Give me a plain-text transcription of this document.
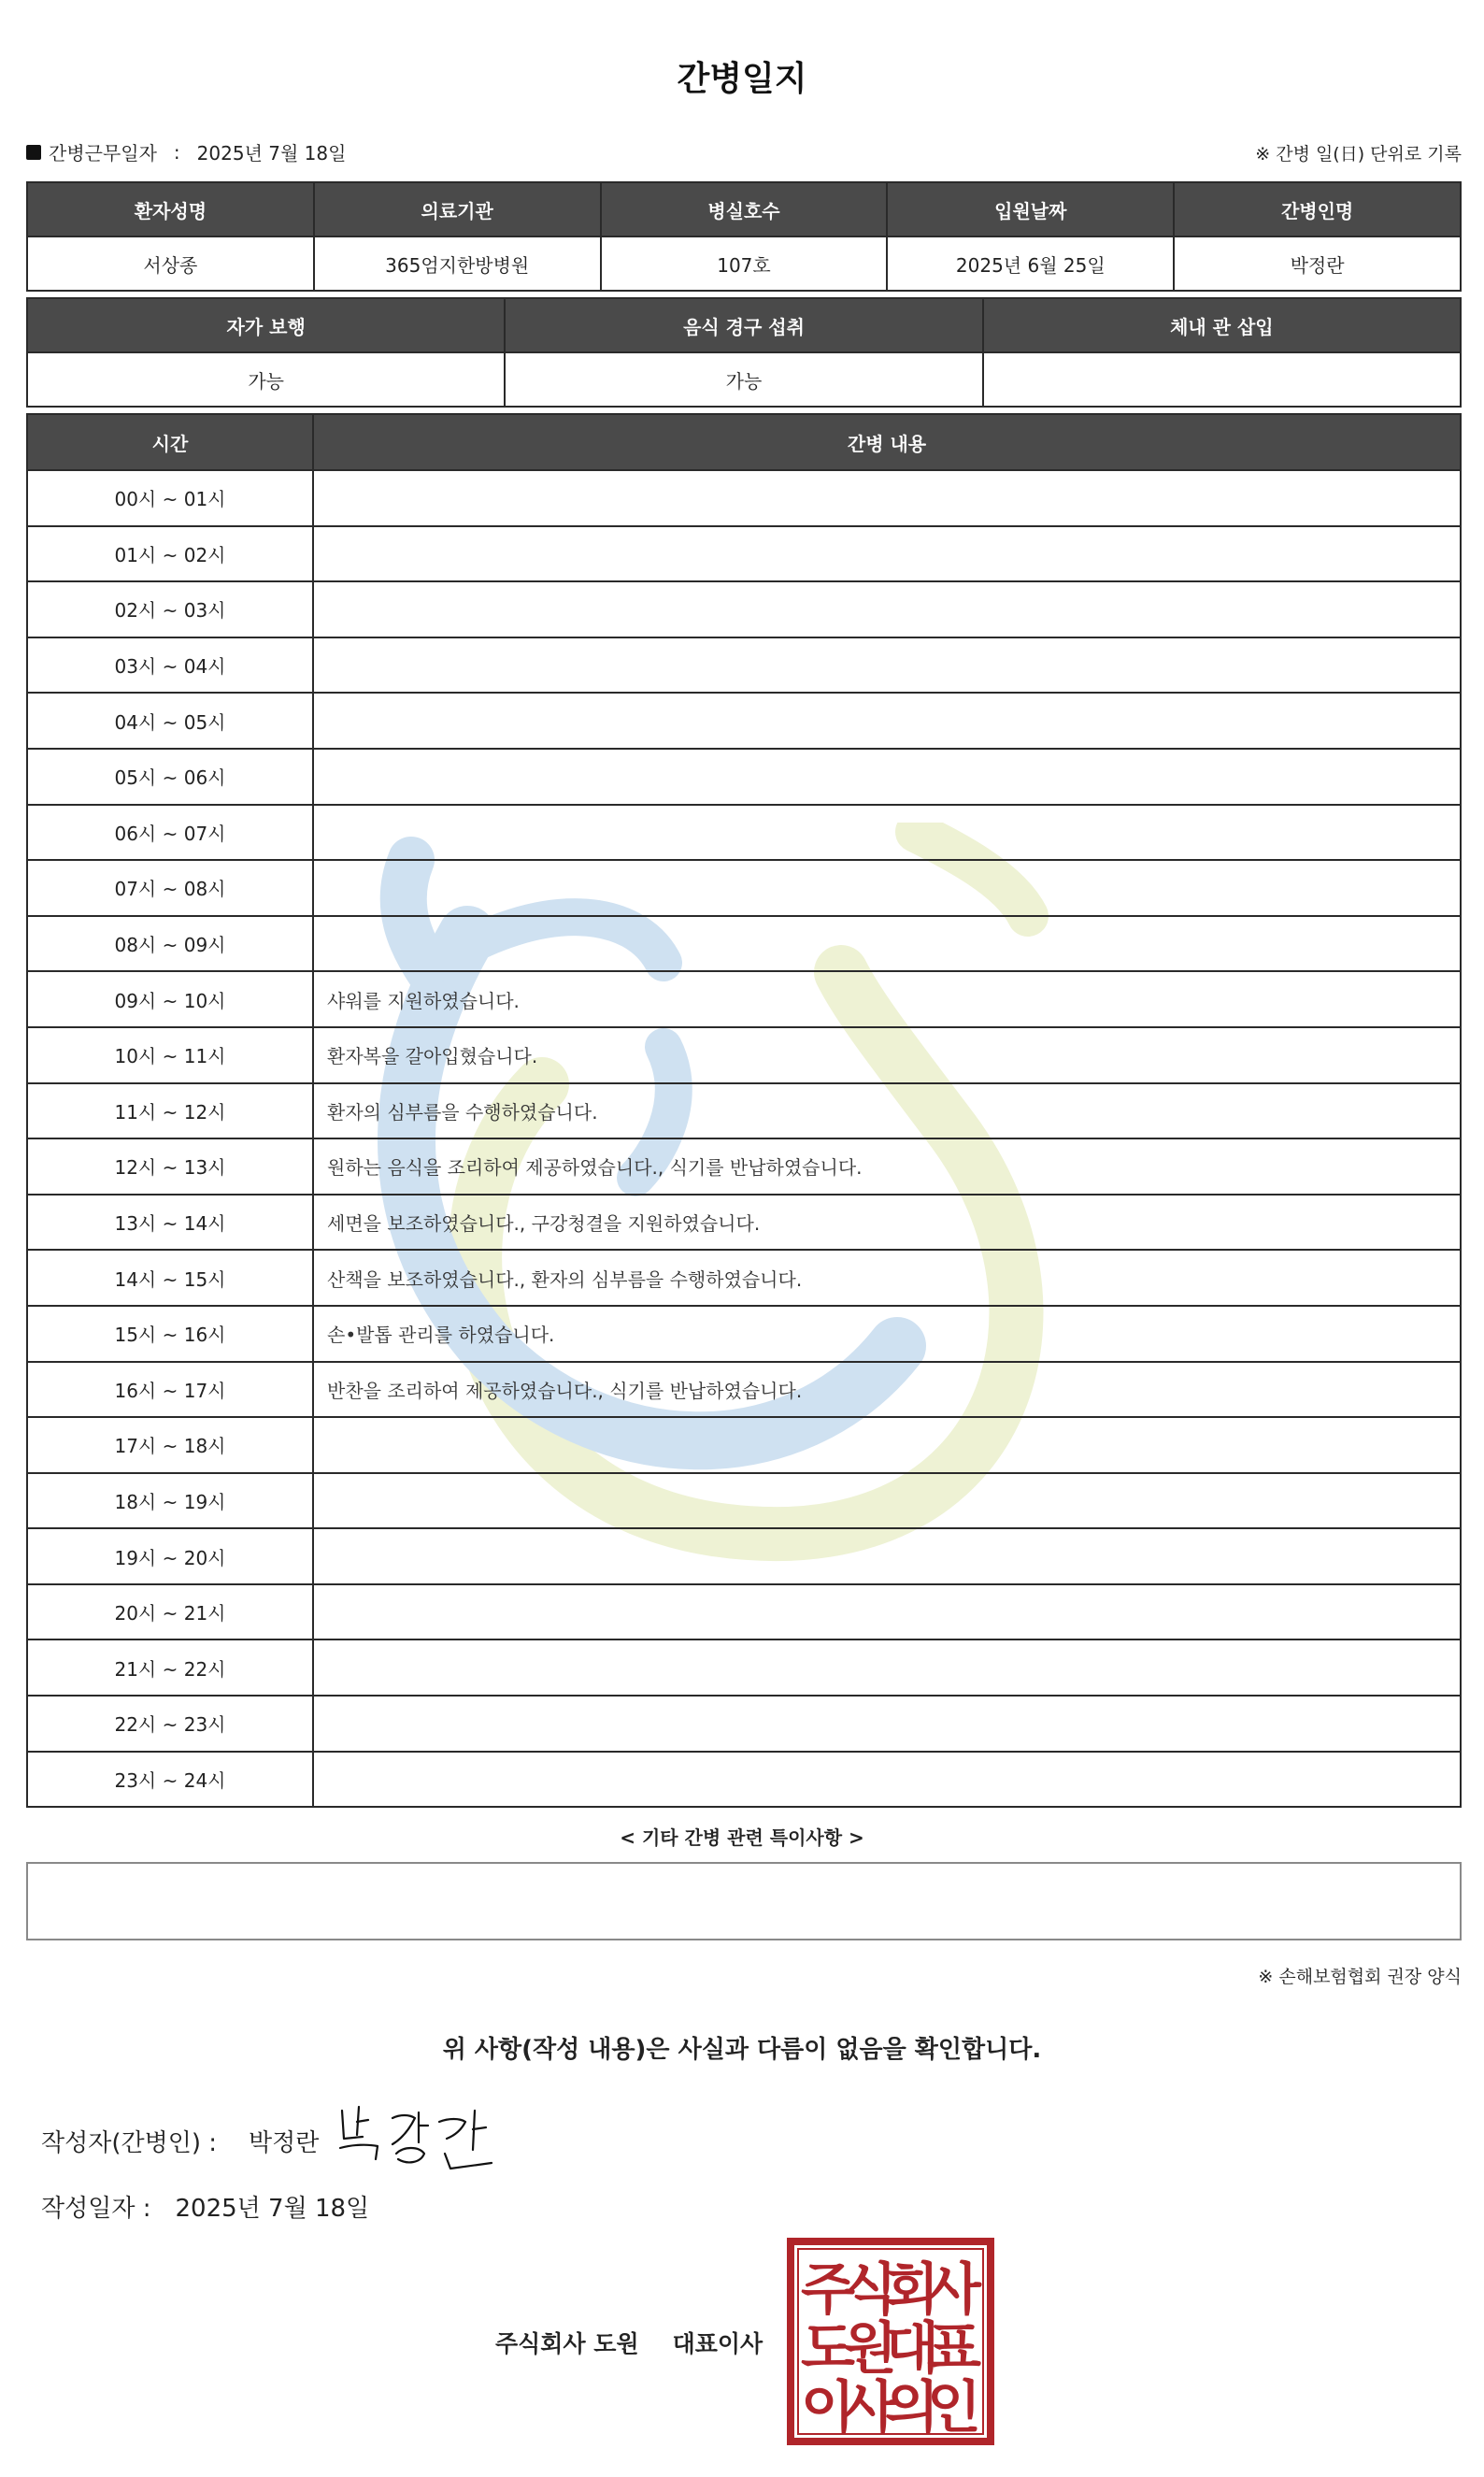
간병일지
간병근무일자 : 2025년 7월 18일	※ 간병 일(日) 단위로 기록
환자성명	의료기관	병실호수	입원날짜	간병인명
서상종	365엄지한방병원	107호	2025년 6월 25일	박정란
자가 보행	음식 경구 섭취	체내 관 삽입
가능	가능	
시간	간병 내용
00시 ~ 01시	
01시 ~ 02시	
02시 ~ 03시	
03시 ~ 04시	
04시 ~ 05시	
05시 ~ 06시	
06시 ~ 07시	
07시 ~ 08시	
08시 ~ 09시	
09시 ~ 10시	샤워를 지원하였습니다.
10시 ~ 11시	환자복을 갈아입혔습니다.
11시 ~ 12시	환자의 심부름을 수행하였습니다.
12시 ~ 13시	원하는 음식을 조리하여 제공하였습니다., 식기를 반납하였습니다.
13시 ~ 14시	세면을 보조하였습니다., 구강청결을 지원하였습니다.
14시 ~ 15시	산책을 보조하였습니다., 환자의 심부름을 수행하였습니다.
15시 ~ 16시	손•발톱 관리를 하였습니다.
16시 ~ 17시	반찬을 조리하여 제공하였습니다., 식기를 반납하였습니다.
17시 ~ 18시	
18시 ~ 19시	
19시 ~ 20시	
20시 ~ 21시	
21시 ~ 22시	
22시 ~ 23시	
23시 ~ 24시	
< 기타 간병 관련 특이사항 >
※ 손해보험협회 권장 양식
위 사항(작성 내용)은 사실과 다름이 없음을 확인합니다.
작성자(간병인) : 박정란
작성일자 : 2025년 7월 18일
주식회사 도원 대표이사
주
식
회
사
도
원
대
표
이
사
의
인
